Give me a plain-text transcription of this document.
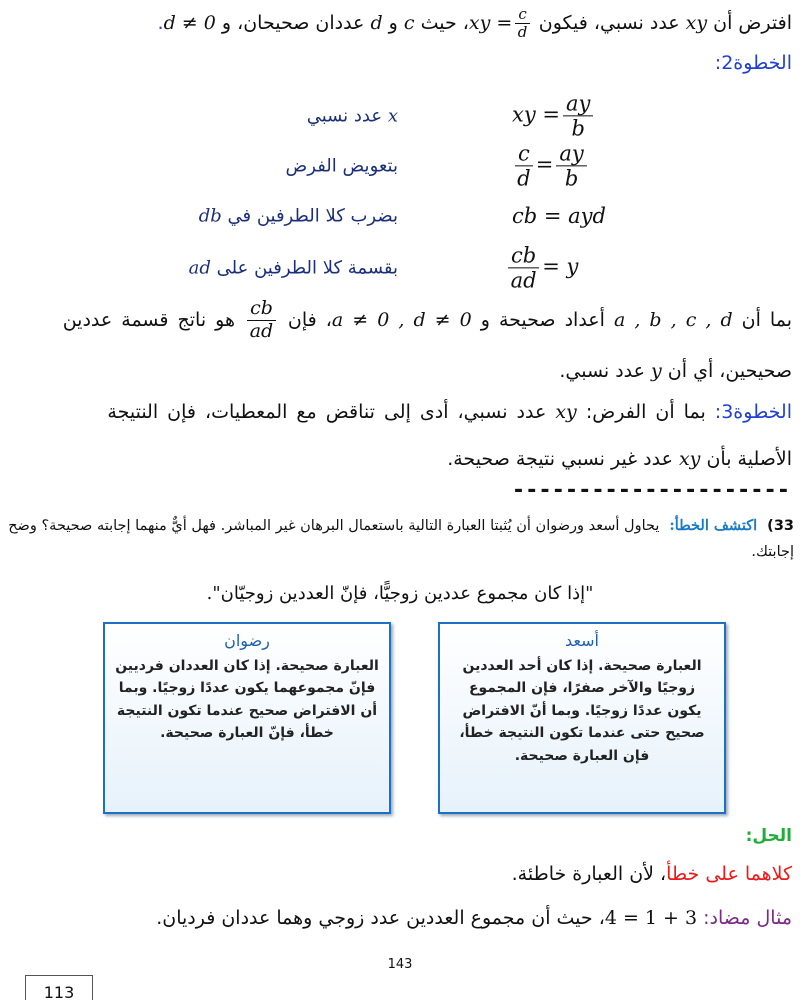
افترض أن xy عدد نسبي، فيكون xy = $\frac{c}{d}$
، حيث c و d عددان صحيحان، و d ≠ 0.
الخطوة2:
x عدد نسبي	xy = $\frac{ay}{b}$
بتعويض الفرض	$\frac{c}{d} = \frac{ay}{b}$
بضرب كلا الطرفين في db	cb = ayd
بقسمة كلا الطرفين على ad	$\frac{cb}{ad} = y$
بما أن a , b , c , d أعداد صحيحة و a ≠ 0 , d ≠ 0، فإن
$\frac{cb}{ad}$
هو ناتج قسمة عددين
صحيحين، أي أن y عدد نسبي.
الخطوة3: بما أن الفرض: xy عدد نسبي، أدى إلى تناقض مع المعطيات، فإن النتيجة
الأصلية بأن xy عدد غير نسبي نتيجة صحيحة.
---------------------
33)اكتشف الخطأ:يحاول أسعد ورضوان أن يُثبتا العبارة التالية باستعمال البرهان غير المباشر. فهل أيٌّ منهما إجابته صحيحة؟ وضح إجابتك.
"إذا كان مجموع عددين زوجيًّا، فإنّ العددين زوجيّان".
رضوان
العبارة صحيحة. إذا كان العددان فرديين فإنّ مجموعهما يكون عددًا زوجيًا. وبما أن الافتراض صحيح عندما تكون النتيجة خطأ، فإنّ العبارة صحيحة.
أسعد
العبارة صحيحة. إذا كان أحد العددين زوجيًا والآخر صفرًا، فإن المجموع يكون عددًا زوجيًا. وبما أنّ الافتراض صحيح حتى عندما تكون النتيجة خطأ، فإن العبارة صحيحة.
الحل:
كلاهما على خطأ، لأن العبارة خاطئة.
مثال مضاد: 4 = 1 + 3، حيث أن مجموع العددين عدد زوجي وهما عددان فرديان.
143
113
